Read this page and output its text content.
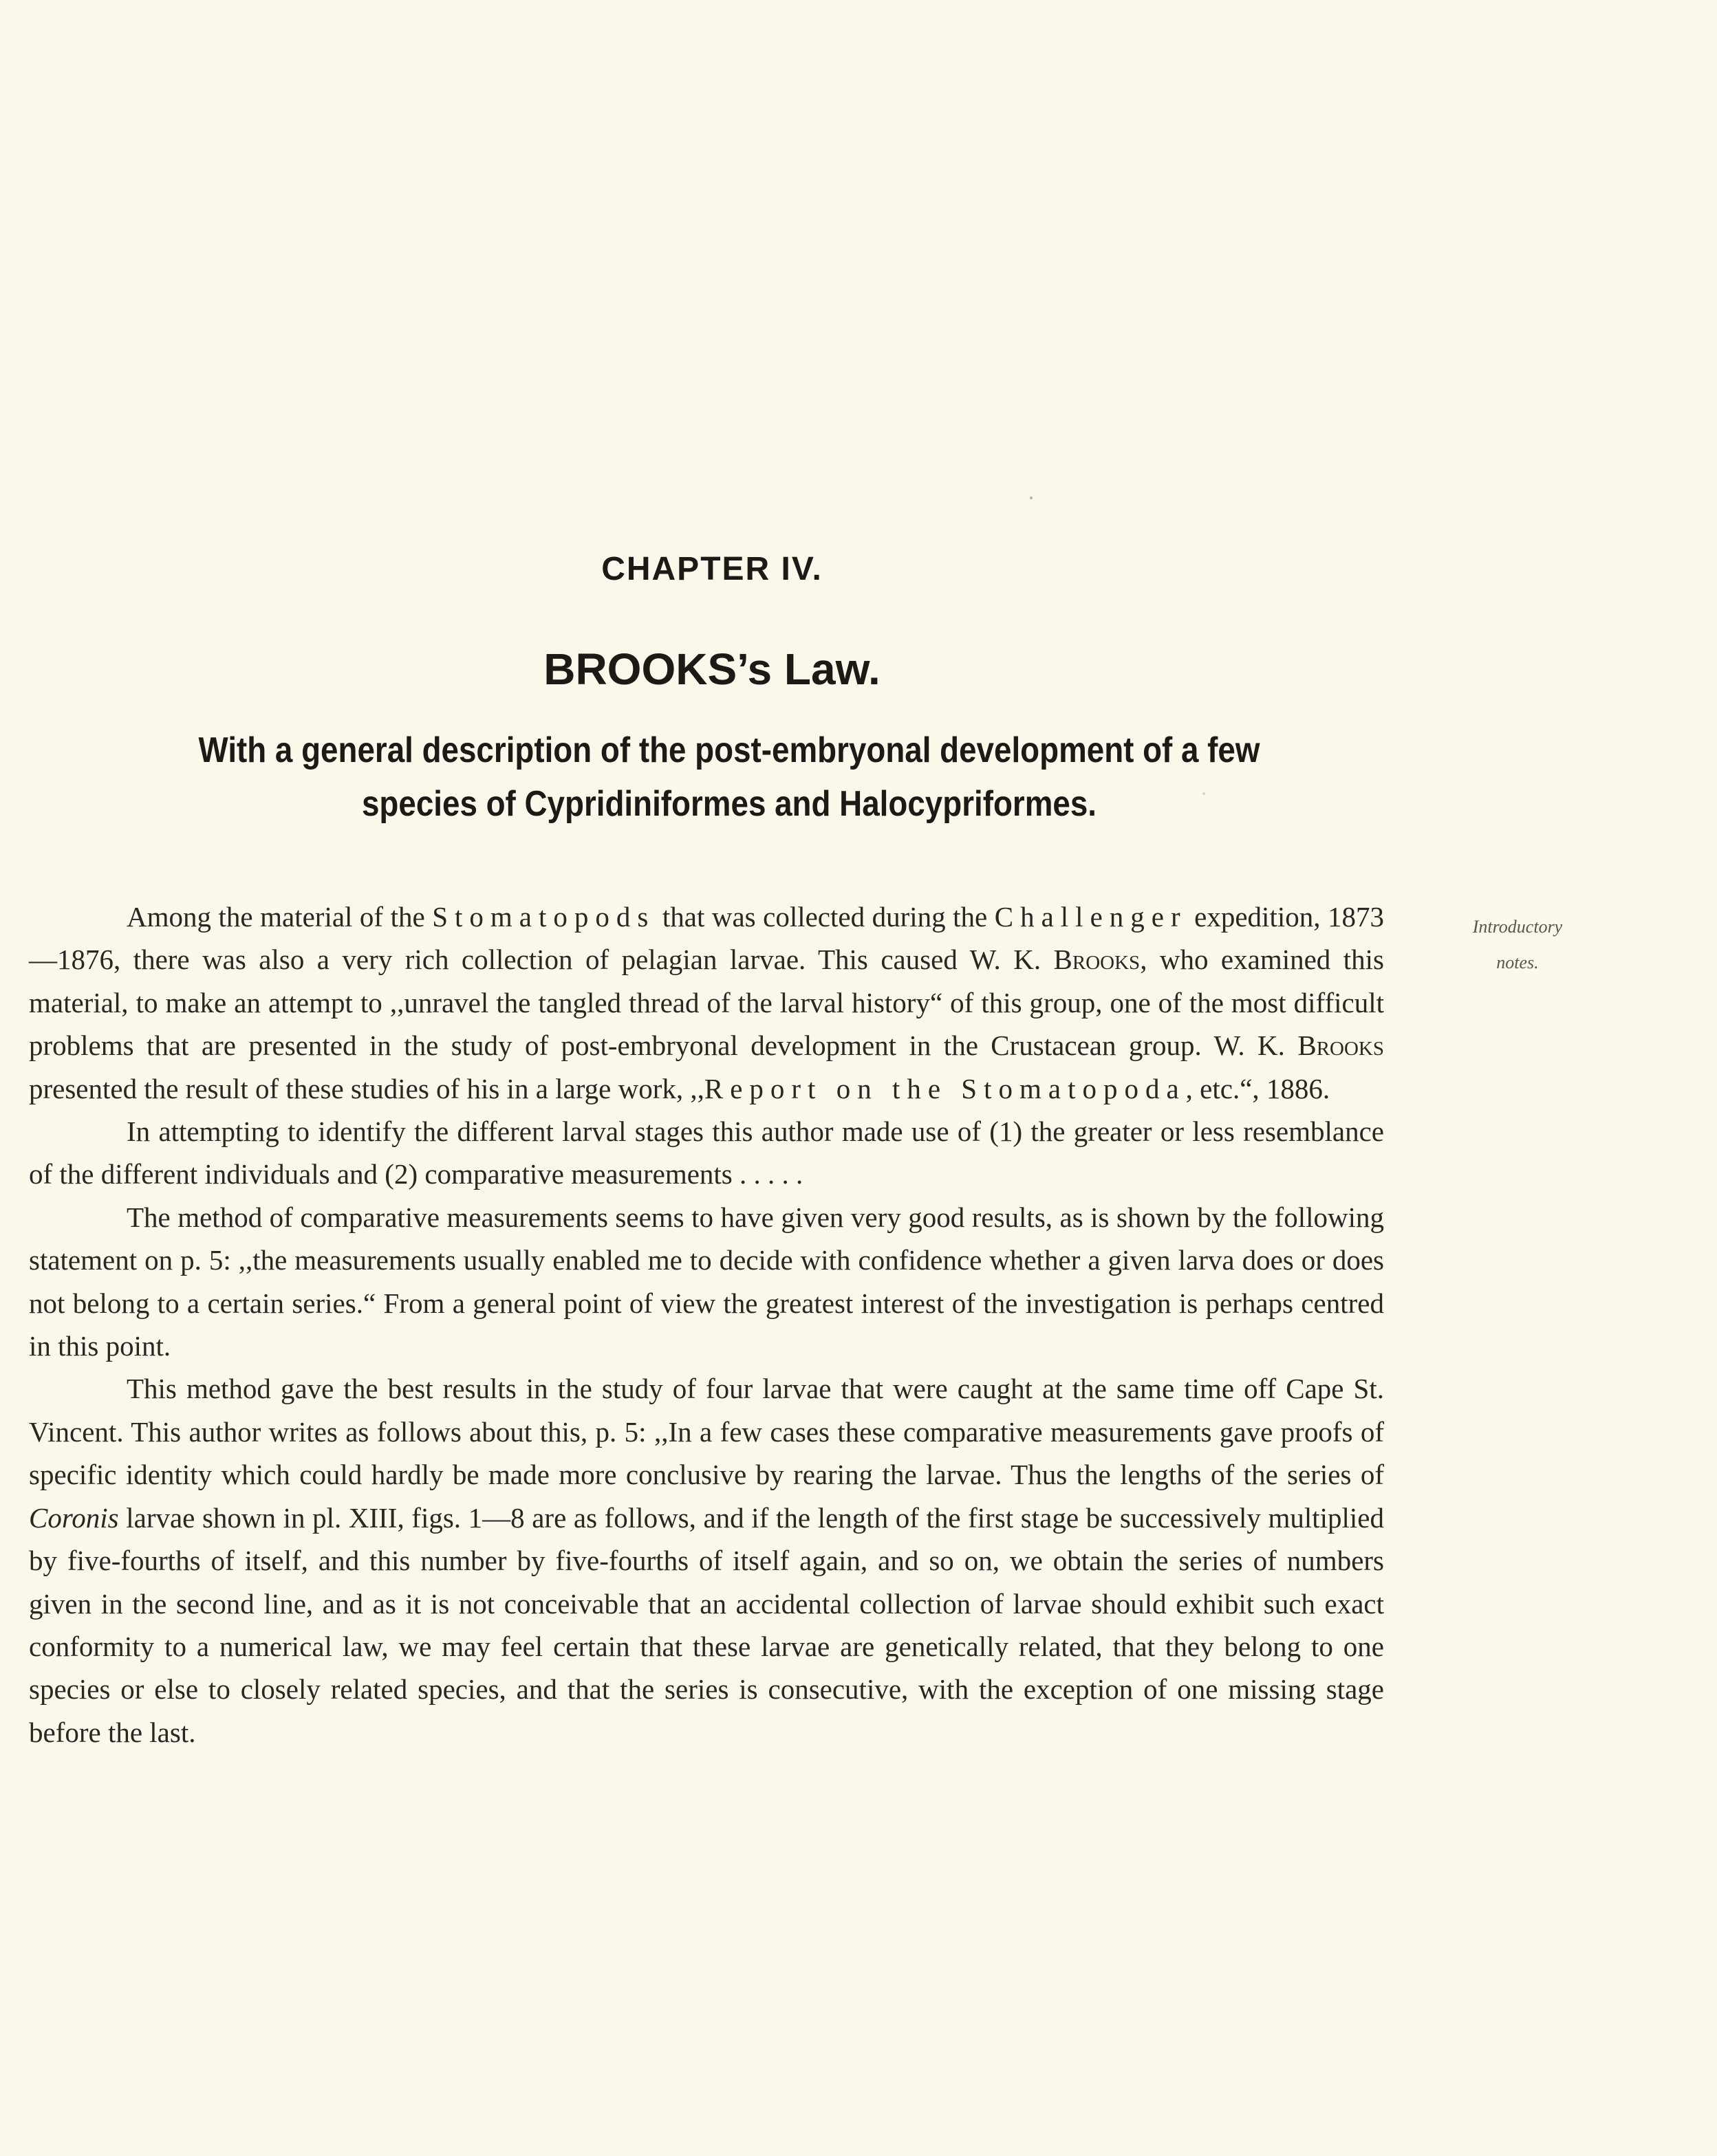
CHAPTER IV.
BROOKS’s Law.
With a general description of the post-embryonal development of a few
species of Cypridiniformes and Halocypriformes.
Introductory
notes.

Among the material of the Stomatopods that was collected during the Challenger expedition, 1873—1876, there was also a very rich collection of pelagian larvae. This caused W. K. Brooks, who examined this material, to make an attempt to ,,unravel the tangled thread of the larval history“ of this group, one of the most difficult problems that are presented in the study of post-embryonal development in the Crustacean group. W. K. Brooks presented the result of these studies of his in a large work, ,,Report on the Stomatopoda, etc.“, 1886.

In attempting to identify the different larval stages this author made use of (1) the greater or less resemblance of the different individuals and (2) comparative measurements . . . . .

The method of comparative measurements seems to have given very good results, as is shown by the following statement on p. 5: ,,the measurements usually enabled me to decide with confidence whether a given larva does or does not belong to a certain series.“ From a general point of view the greatest interest of the investigation is perhaps centred in this point.

This method gave the best results in the study of four larvae that were caught at the same time off Cape St. Vincent. This author writes as follows about this, p. 5: ,,In a few cases these comparative measurements gave proofs of specific identity which could hardly be made more conclusive by rearing the larvae. Thus the lengths of the series of Coronis larvae shown in pl. XIII, figs. 1—8 are as follows, and if the length of the first stage be successively multiplied by five-fourths of itself, and this number by five-fourths of itself again, and so on, we obtain the series of numbers given in the second line, and as it is not conceivable that an accidental collection of larvae should exhibit such exact conformity to a numerical law, we may feel certain that these larvae are genetically related, that they belong to one species or else to closely related species, and that the series is consecutive, with the exception of one missing stage before the last.
